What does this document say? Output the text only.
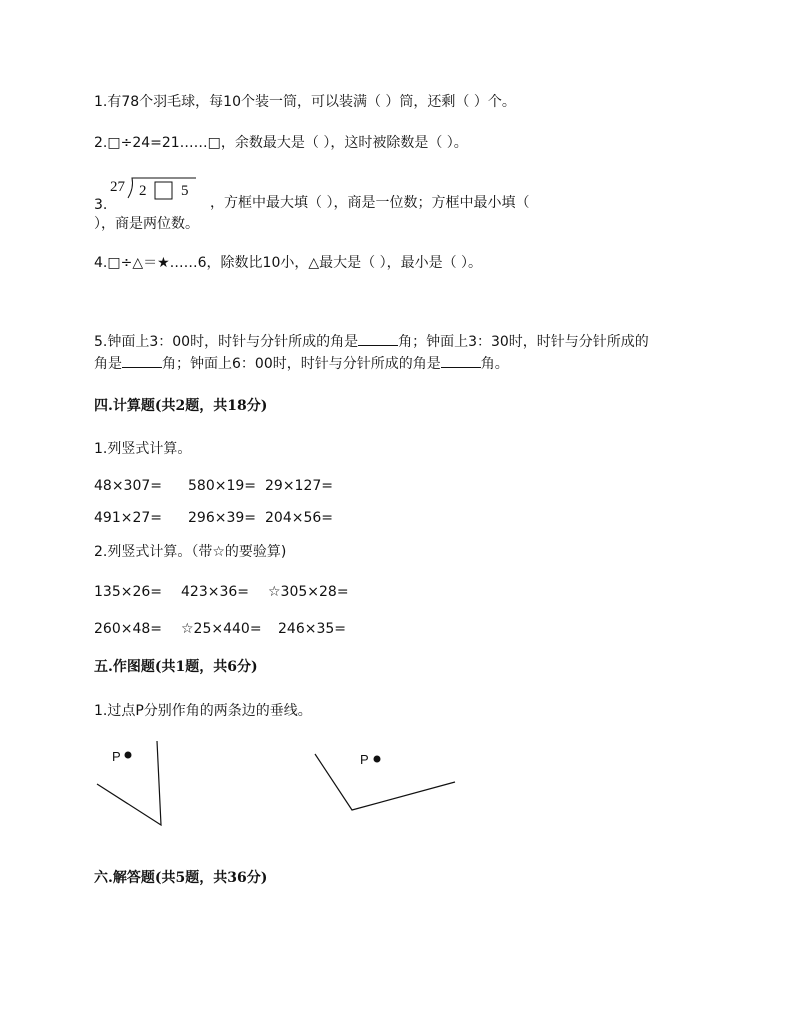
1.有78个羽毛球，每10个装一筒，可以装满（ ）筒，还剩（ ）个。
2.□÷24=21……□，余数最大是（ ），这时被除数是（ ）。
3.
27 2 5
，方框中最大填（ ），商是一位数；方框中最小填（
），商是两位数。
4.□÷△＝★……6，除数比10小，△最大是（ ），最小是（ ）。
5.钟面上3：00时，时针与分针所成的角是	角；钟面上3：30时，时针与分针所成的
角是	角；钟面上6：00时，时针与分针所成的角是	角。
四.计算题(共2题，共18分)
1.列竖式计算。
48×307= 580×19= 29×127=
491×27= 296×39= 204×56=
2.列竖式计算。（带☆的要验算)
135×26= 423×36= ☆305×28=
260×48= ☆25×440= 246×35=
五.作图题(共1题，共6分)
1.过点P分别作角的两条边的垂线。
P	P
六.解答题(共5题，共36分)
